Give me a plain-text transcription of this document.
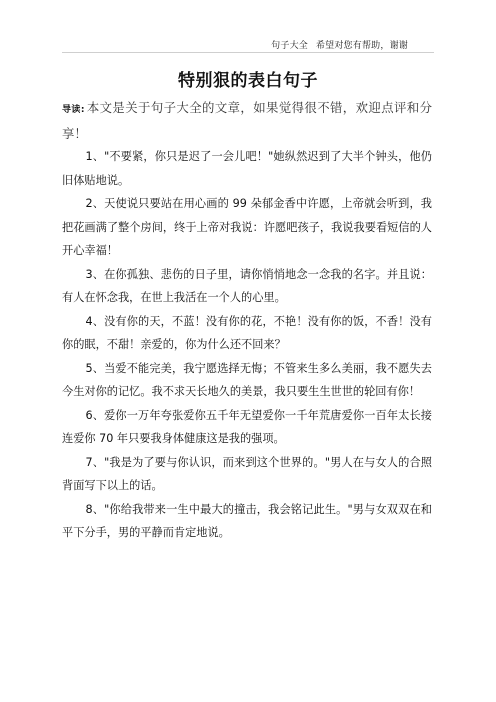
句子大全 希望对您有帮助，谢谢
特别狠的表白句子

导读: 本文是关于句子大全的文章，如果觉得很不错，欢迎点评和分享！

1、"不要紧，你只是迟了一会儿吧！"她纵然迟到了大半个钟头，他仍旧体贴地说。

2、天使说只要站在用心画的 99 朵郁金香中许愿，上帝就会听到，我把花画满了整个房间，终于上帝对我说：许愿吧孩子，我说我要看短信的人开心幸福！

3、在你孤独、悲伤的日子里，请你悄悄地念一念我的名字。并且说：有人在怀念我，在世上我活在一个人的心里。

4、没有你的天，不蓝！没有你的花，不艳！没有你的饭，不香！没有你的眠，不甜！亲爱的，你为什么还不回来？

5、当爱不能完美，我宁愿选择无悔；不管来生多么美丽，我不愿失去今生对你的记忆。我不求天长地久的美景，我只要生生世世的轮回有你！

6、爱你一万年夸张爱你五千年无望爱你一千年荒唐爱你一百年太长接连爱你 70 年只要我身体健康这是我的强项。

7、"我是为了要与你认识，而来到这个世界的。"男人在与女人的合照背面写下以上的话。

8、"你给我带来一生中最大的撞击，我会铭记此生。"男与女双双在和平下分手，男的平静而肯定地说。
